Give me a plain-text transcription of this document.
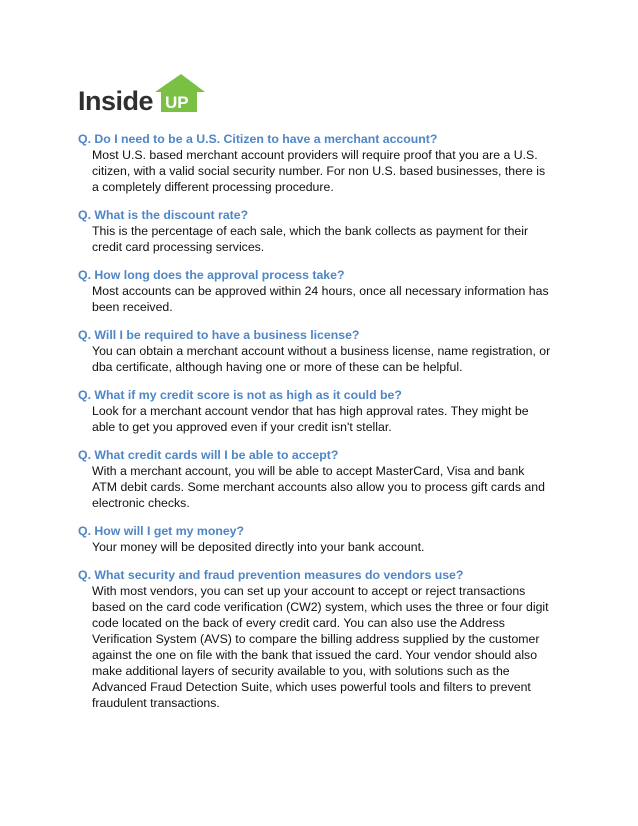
Inside UP
Q. Do I need to be a U.S. Citizen to have a merchant account?
Most U.S. based merchant account providers will require proof that you are a U.S.
citizen, with a valid social security number. For non U.S. based businesses, there is
a completely different processing procedure.
Q. What is the discount rate?
This is the percentage of each sale, which the bank collects as payment for their
credit card processing services.
Q. How long does the approval process take?
Most accounts can be approved within 24 hours, once all necessary information has
been received.
Q. Will I be required to have a business license?
You can obtain a merchant account without a business license, name registration, or
dba certificate, although having one or more of these can be helpful.
Q. What if my credit score is not as high as it could be?
Look for a merchant account vendor that has high approval rates. They might be
able to get you approved even if your credit isn't stellar.
Q. What credit cards will I be able to accept?
With a merchant account, you will be able to accept MasterCard, Visa and bank
ATM debit cards. Some merchant accounts also allow you to process gift cards and
electronic checks.
Q. How will I get my money?
Your money will be deposited directly into your bank account.
Q. What security and fraud prevention measures do vendors use?
With most vendors, you can set up your account to accept or reject transactions
based on the card code verification (CW2) system, which uses the three or four digit
code located on the back of every credit card. You can also use the Address
Verification System (AVS) to compare the billing address supplied by the customer
against the one on file with the bank that issued the card. Your vendor should also
make additional layers of security available to you, with solutions such as the
Advanced Fraud Detection Suite, which uses powerful tools and filters to prevent
fraudulent transactions.
